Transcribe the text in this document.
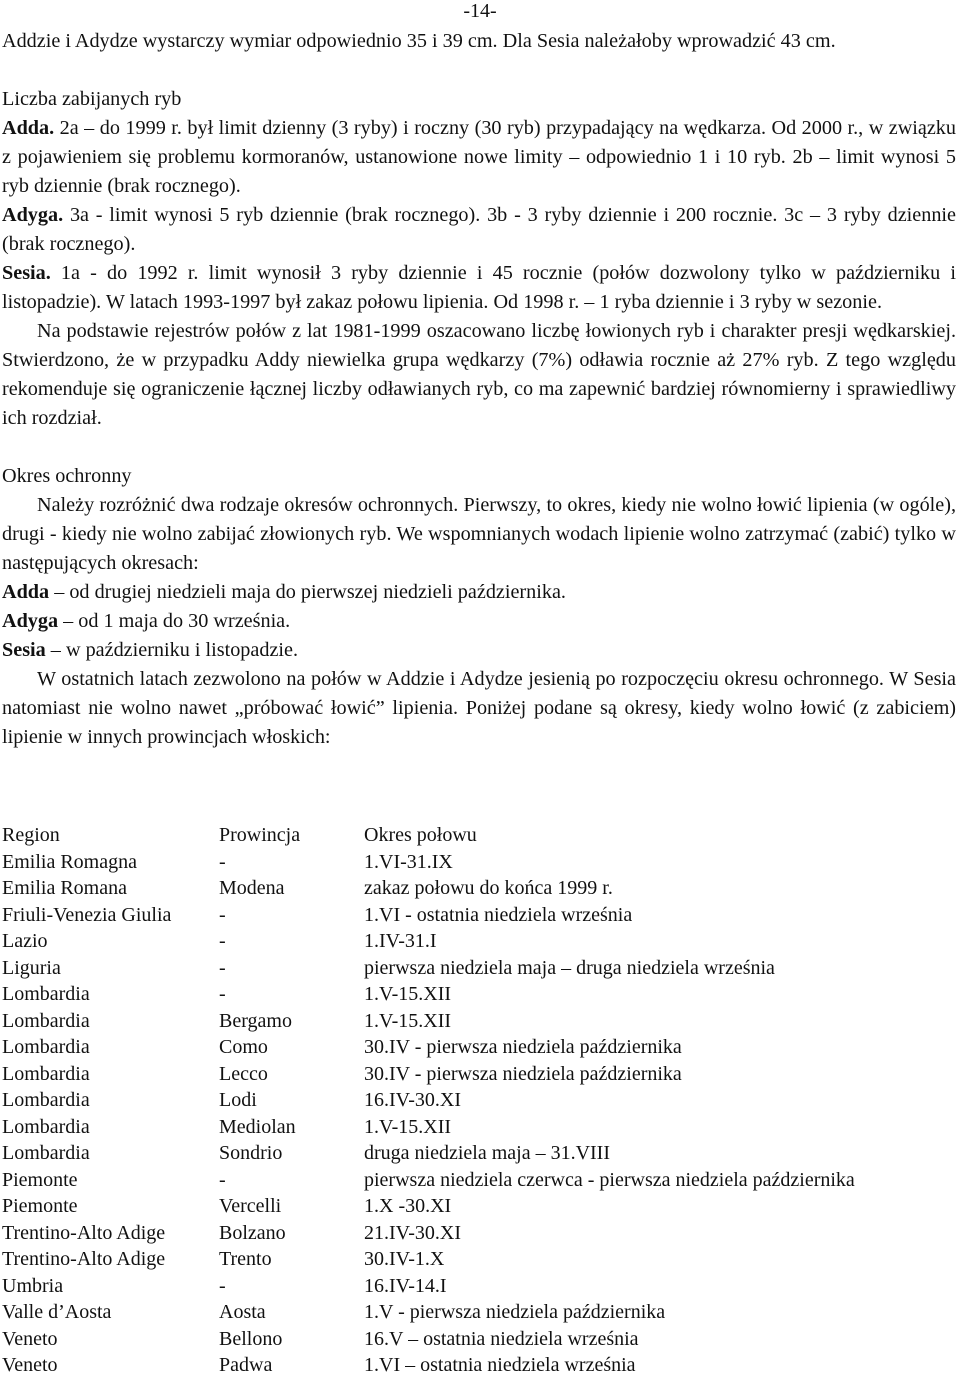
-14-

Addzie i Adydze wystarczy wymiar odpowiednio 35 i 39 cm. Dla Sesia należałoby wprowadzić 43 cm.

Liczba zabijanych ryb

Adda. 2a – do 1999 r. był limit dzienny (3 ryby) i roczny (30 ryb) przypadający na wędkarza. Od 2000 r., w związku z pojawieniem się problemu kormoranów, ustanowione nowe limity – odpowiednio 1 i 10 ryb. 2b – limit wynosi 5 ryb dziennie (brak rocznego).

Adyga. 3a - limit wynosi 5 ryb dziennie (brak rocznego). 3b - 3 ryby dziennie i 200 rocznie. 3c – 3 ryby dziennie (brak rocznego).

Sesia. 1a - do 1992 r. limit wynosił 3 ryby dziennie i 45 rocznie (połów dozwolony tylko w październiku i listopadzie). W latach 1993-1997 był zakaz połowu lipienia. Od 1998 r. – 1 ryba dziennie i 3 ryby w sezonie.

Na podstawie rejestrów połów z lat 1981-1999 oszacowano liczbę łowionych ryb i charakter presji wędkarskiej. Stwierdzono, że w przypadku Addy niewielka grupa wędkarzy (7%) odławia rocznie aż 27% ryb. Z tego względu rekomenduje się ograniczenie łącznej liczby odławianych ryb, co ma zapewnić bardziej równomierny i sprawiedliwy ich rozdział.

Okres ochronny

Należy rozróżnić dwa rodzaje okresów ochronnych. Pierwszy, to okres, kiedy nie wolno łowić lipienia (w ogóle), drugi - kiedy nie wolno zabijać złowionych ryb. We wspomnianych wodach lipienie wolno zatrzymać (zabić) tylko w następujących okresach:

Adda – od drugiej niedzieli maja do pierwszej niedzieli października.

Adyga – od 1 maja do 30 września.

Sesia – w październiku i listopadzie.

W ostatnich latach zezwolono na połów w Addzie i Adydze jesienią po rozpoczęciu okresu ochronnego. W Sesia natomiast nie wolno nawet „próbować łowić” lipienia. Poniżej podane są okresy, kiedy wolno łowić (z zabiciem) lipienie w innych prowincjach włoskich:

Region	Prowincja	Okres połowu
Emilia Romagna	-	1.VI-31.IX
Emilia Romana	Modena	zakaz połowu do końca 1999 r.
Friuli-Venezia Giulia	-	1.VI - ostatnia niedziela września
Lazio	-	1.IV-31.I
Liguria	-	pierwsza niedziela maja – druga niedziela września
Lombardia	-	1.V-15.XII
Lombardia	Bergamo	1.V-15.XII
Lombardia	Como	30.IV - pierwsza niedziela października
Lombardia	Lecco	30.IV - pierwsza niedziela października
Lombardia	Lodi	16.IV-30.XI
Lombardia	Mediolan	1.V-15.XII
Lombardia	Sondrio	druga niedziela maja – 31.VIII
Piemonte	-	pierwsza niedziela czerwca - pierwsza niedziela października
Piemonte	Vercelli	1.X -30.XI
Trentino-Alto Adige	Bolzano	21.IV-30.XI
Trentino-Alto Adige	Trento	30.IV-1.X
Umbria	-	16.IV-14.I
Valle d’Aosta	Aosta	1.V - pierwsza niedziela października
Veneto	Bellono	16.V – ostatnia niedziela września
Veneto	Padwa	1.VI – ostatnia niedziela września
